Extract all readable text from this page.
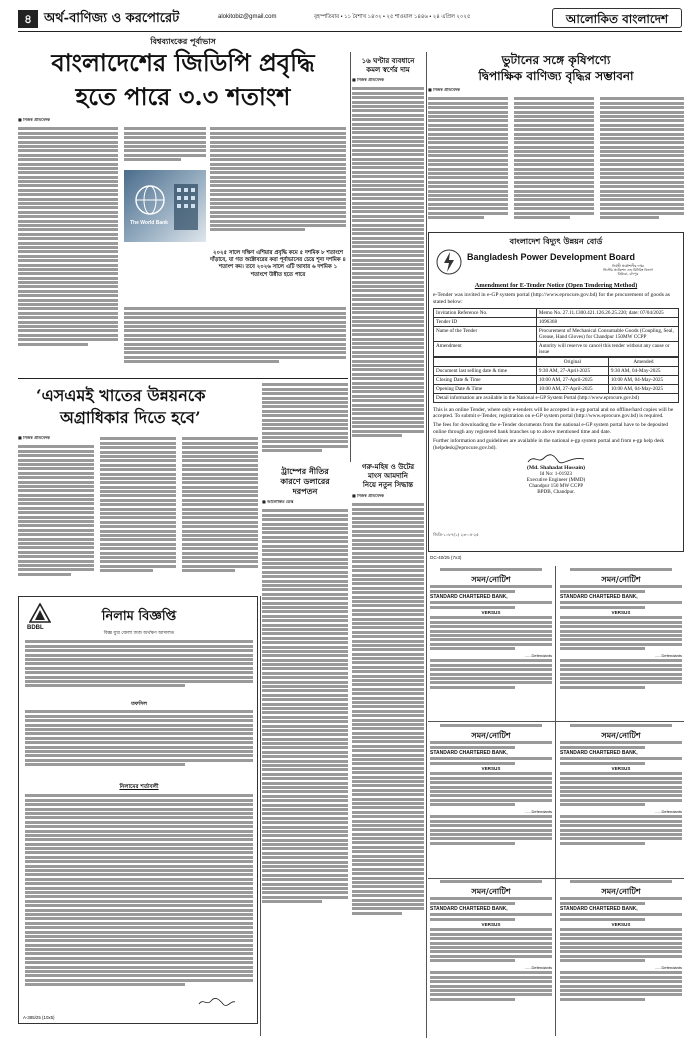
৪ অর্থ-বাণিজ্য ও করপোরেট	alokitobiz@gmail.com	বৃহস্পতিবার • ১১ বৈশাখ ১৪৩২ • ২৫ শাওয়াল ১৪৪৬ • ২৪ এপ্রিল ২০২৫	আলোকিত বাংলাদেশ
বিশ্বব্যাংকের পূর্বাভাস
বাংলাদেশের জিডিপি প্রবৃদ্ধি
হতে পারে ৩.৩ শতাংশ
■ নিজস্ব প্রতিবেদক
The World Bank
২০২৫ সালে দক্ষিণ এশিয়ার প্রবৃদ্ধি কমে ৫ দশমিক ৮ শতাংশে দাঁড়াবে, যা গত অক্টোবরের করা পূর্বাভাসের চেয়ে শূন্য দশমিক ৪ শতাংশ কম। তবে ২০২৬ সালে এটি আবার ৬ দশমিক ১ শতাংশে উন্নীত হতে পারে
১৬ ঘণ্টার ব্যবধানে
কমল স্বর্ণের দাম
■ নিজস্ব প্রতিবেদক
ভুটানের সঙ্গে কৃষিপণ্যে
দ্বিপাক্ষিক বাণিজ্য বৃদ্ধির সম্ভাবনা
■ নিজস্ব প্রতিবেদক
বাংলাদেশ বিদ্যুৎ উন্নয়ন বোর্ড
Bangladesh Power Development Board
নির্বাহী প্রকৌশলীর দপ্তর
সিস্টেম প্রটেকশন এন্ড মিটারিং বিভাগ
বিউবো, চাঁদপুর
Amendment for E-Tender Notice (Open Tendering Method)
e-Tender was invited in e-GP system portal (http://www.eprocure.gov.bd) for the procurement of goods as stated below:
Invitation Reference No.	Memo No. 27.11.1300.421.126.26.25.220; date: 07/04/2025
Tender ID	1096368
Name of the Tender	Procurement of Mechanical Consumable Goods (Coupling, Seal, Grease, Hand Gloves) for Chandpur 150MW CCPP
Amendment	Autority will reserve to cancel this tender without any cause or issue
	Original	Amended
Document last selling date & time	9:30 AM, 27-April-2025	9:30 AM, 04-May-2025
Closing Date & Time	10:00 AM, 27-April-2025	10:00 AM, 04-May-2025
Opening Date & Time	10:00 AM, 27-April-2025	10:00 AM, 04-May-2025
Detail information are available in the National e-GP System Portal (http://www.eprocure.gov.bd)		
This is an online Tender, where only e-tenders will be accepted in e-gp portal and no offline/hard copies will be accepted. To submit e-Tender, registration on e-GP system portal (http://www.eprocure.gov.bd) is required.
The fees for downloading the e-Tender documents from the national e-GP system portal have to be deposited online through any registered bank branches up to above mentioned time and date.
Further information and guidelines are available in the national e-gp system portal and from e-gp help desk (helpdesk@eprocure.gov.bd).
(Md. Shahadat Hossain)
Id No: 1-01923
Executive Engineer (MMD)
Chandpur 150 MW CCPP
BPDB, Chandpur.
জিডি-১০৮৭(১) ২৩-০৪-২৫
DC-40/25 (7x3)
‘এসএমই খাতের উন্নয়নকে
অগ্রাধিকার দিতে হবে’
■ নিজস্ব প্রতিবেদক
ট্রাম্পের নীতির
কারণে ডলারের
দরপতন
■ আলোকিত ডেস্ক
গরু-মহিষ ও উটের
মাংস আমদানি
নিয়ে নতুন সিদ্ধান্ত
■ নিজস্ব প্রতিবেদক
BDBL
নিলাম বিজ্ঞপ্তি
বিজ্ঞ যুগ্ম জেলা জজ অর্থঋণ আদালত
তফসিল
নিলামের শর্তাবলী
A-385/25 (10x5)
সমন/নোটিশ
STANDARD CHARTERED BANK,
VERSUS
......Defendants
সমন/নোটিশ
STANDARD CHARTERED BANK,
VERSUS
......Defendants
সমন/নোটিশ
STANDARD CHARTERED BANK,
VERSUS
......Defendants
সমন/নোটিশ
STANDARD CHARTERED BANK,
VERSUS
......Defendants
সমন/নোটিশ
STANDARD CHARTERED BANK,
VERSUS
......Defendants
সমন/নোটিশ
STANDARD CHARTERED BANK,
VERSUS
......Defendants
